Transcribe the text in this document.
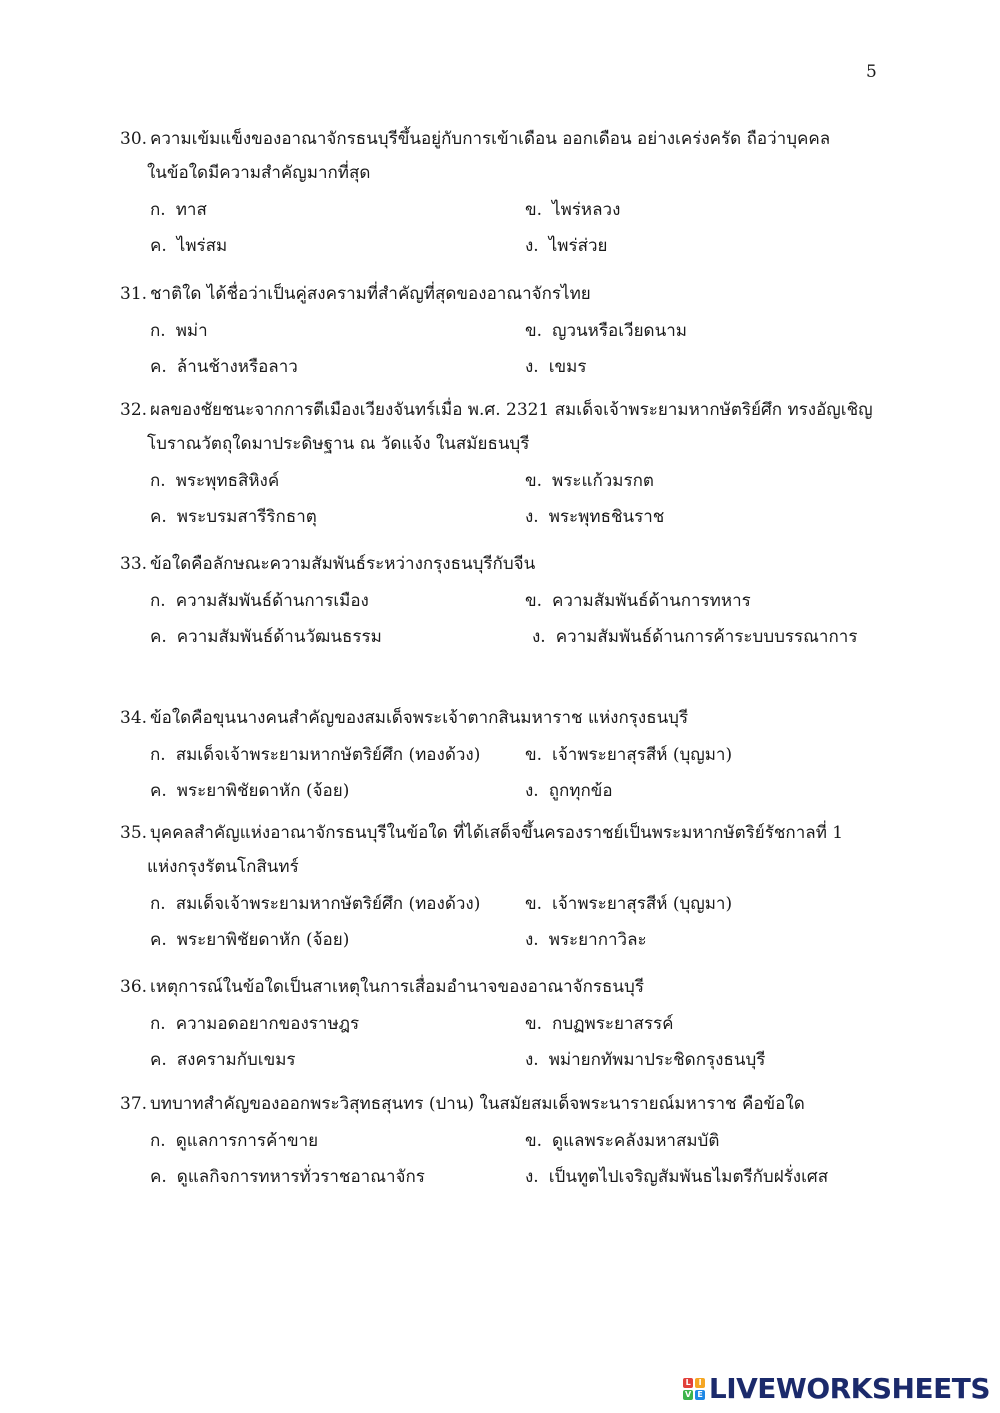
5
30. ความเข้มแข็งของอาณาจักรธนบุรีขึ้นอยู่กับการเข้าเดือน ออกเดือน อย่างเคร่งครัด ถือว่าบุคคล
ในข้อใดมีความสำคัญมากที่สุด
ก. ทาส	ข. ไพร่หลวง
ค. ไพร่สม	ง. ไพร่ส่วย
31. ชาติใด ได้ชื่อว่าเป็นคู่สงครามที่สำคัญที่สุดของอาณาจักรไทย
ก. พม่า	ข. ญวนหรือเวียดนาม
ค. ล้านช้างหรือลาว	ง. เขมร
32. ผลของชัยชนะจากการตีเมืองเวียงจันทร์เมื่อ พ.ศ. 2321 สมเด็จเจ้าพระยามหากษัตริย์ศึก ทรงอัญเชิญ
โบราณวัตถุใดมาประดิษฐาน ณ วัดแจ้ง ในสมัยธนบุรี
ก. พระพุทธสิหิงค์	ข. พระแก้วมรกต
ค. พระบรมสารีริกธาตุ	ง. พระพุทธชินราช
33. ข้อใดคือลักษณะความสัมพันธ์ระหว่างกรุงธนบุรีกับจีน
ก. ความสัมพันธ์ด้านการเมือง	ข. ความสัมพันธ์ด้านการทหาร
ค. ความสัมพันธ์ด้านวัฒนธรรม	ง. ความสัมพันธ์ด้านการค้าระบบบรรณาการ
34. ข้อใดคือขุนนางคนสำคัญของสมเด็จพระเจ้าตากสินมหาราช แห่งกรุงธนบุรี
ก. สมเด็จเจ้าพระยามหากษัตริย์ศึก (ทองด้วง)	ข. เจ้าพระยาสุรสีห์ (บุญมา)
ค. พระยาพิชัยดาหัก (จ้อย)	ง. ถูกทุกข้อ
35. บุคคลสำคัญแห่งอาณาจักรธนบุรีในข้อใด ที่ได้เสด็จขึ้นครองราชย์เป็นพระมหากษัตริย์รัชกาลที่ 1
แห่งกรุงรัตนโกสินทร์
ก. สมเด็จเจ้าพระยามหากษัตริย์ศึก (ทองด้วง)	ข. เจ้าพระยาสุรสีห์ (บุญมา)
ค. พระยาพิชัยดาหัก (จ้อย)	ง. พระยากาวิละ
36. เหตุการณ์ในข้อใดเป็นสาเหตุในการเสื่อมอำนาจของอาณาจักรธนบุรี
ก. ความอดอยากของราษฎร	ข. กบฏพระยาสรรค์
ค. สงครามกับเขมร	ง. พม่ายกทัพมาประชิดกรุงธนบุรี
37. บทบาทสำคัญของออกพระวิสุทธสุนทร (ปาน) ในสมัยสมเด็จพระนารายณ์มหาราช คือข้อใด
ก. ดูแลการการค้าขาย	ข. ดูแลพระคลังมหาสมบัติ
ค. ดูแลกิจการทหารทั่วราชอาณาจักร	ง. เป็นทูตไปเจริญสัมพันธไมตรีกับฝรั่งเศส
L	I
V E LIVEWORKSHEETS
